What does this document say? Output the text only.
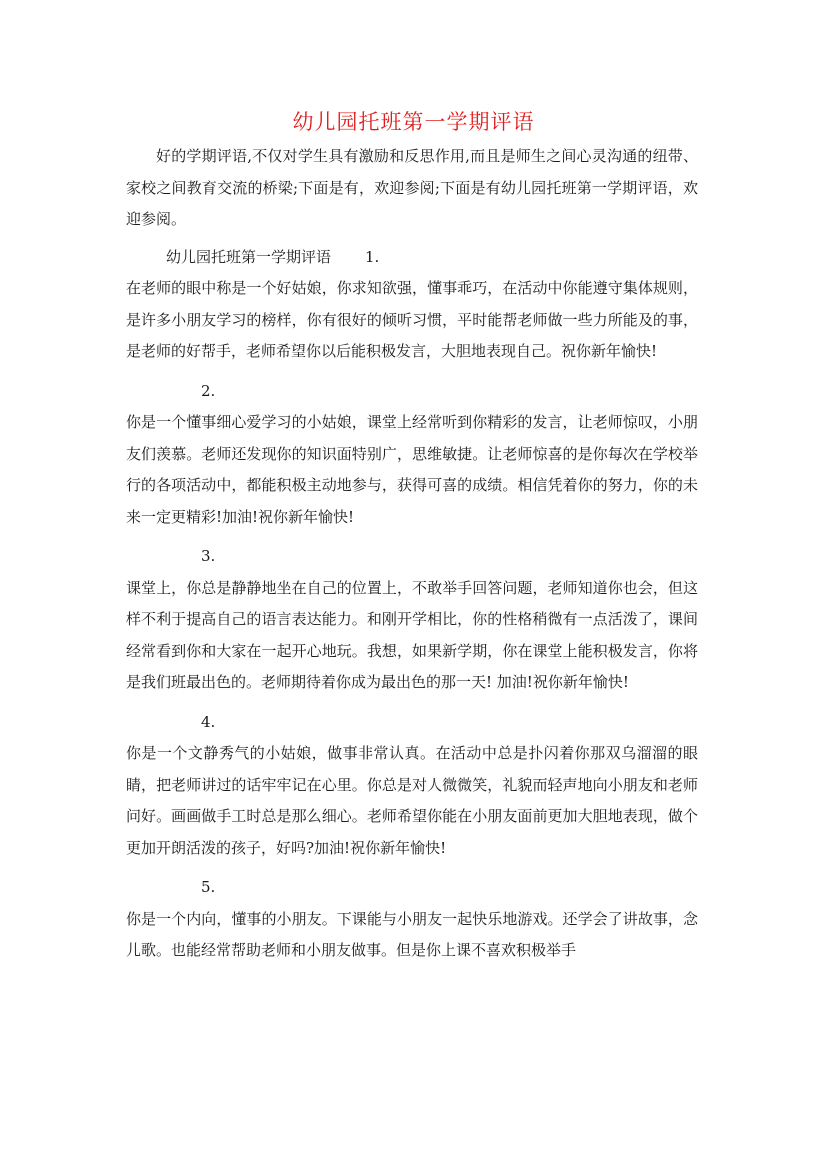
幼儿园托班第一学期评语

好的学期评语,不仅对学生具有激励和反思作用,而且是师生之间心灵沟通的纽带、家校之间教育交流的桥梁;下面是有，欢迎参阅;下面是有幼儿园托班第一学期评语，欢迎参阅。

幼儿园托班第一学期评语 1.

在老师的眼中称是一个好姑娘，你求知欲强，懂事乖巧，在活动中你能遵守集体规则，是许多小朋友学习的榜样，你有很好的倾听习惯，平时能帮老师做一些力所能及的事，是老师的好帮手，老师希望你以后能积极发言，大胆地表现自己。祝你新年愉快!

2.

你是一个懂事细心爱学习的小姑娘，课堂上经常听到你精彩的发言，让老师惊叹，小朋友们羡慕。老师还发现你的知识面特别广，思维敏捷。让老师惊喜的是你每次在学校举行的各项活动中，都能积极主动地参与，获得可喜的成绩。相信凭着你的努力，你的未来一定更精彩!加油!祝你新年愉快!

3.

课堂上，你总是静静地坐在自己的位置上，不敢举手回答问题，老师知道你也会，但这样不利于提高自己的语言表达能力。和刚开学相比，你的性格稍微有一点活泼了，课间经常看到你和大家在一起开心地玩。我想，如果新学期，你在课堂上能积极发言，你将是我们班最出色的。老师期待着你成为最出色的那一天! 加油!祝你新年愉快!

4.

你是一个文静秀气的小姑娘，做事非常认真。在活动中总是扑闪着你那双乌溜溜的眼睛，把老师讲过的话牢牢记在心里。你总是对人微微笑，礼貌而轻声地向小朋友和老师问好。画画做手工时总是那么细心。老师希望你能在小朋友面前更加大胆地表现，做个更加开朗活泼的孩子，好吗?加油!祝你新年愉快!

5.

你是一个内向，懂事的小朋友。下课能与小朋友一起快乐地游戏。还学会了讲故事，念儿歌。也能经常帮助老师和小朋友做事。但是你上课不喜欢积极举手
